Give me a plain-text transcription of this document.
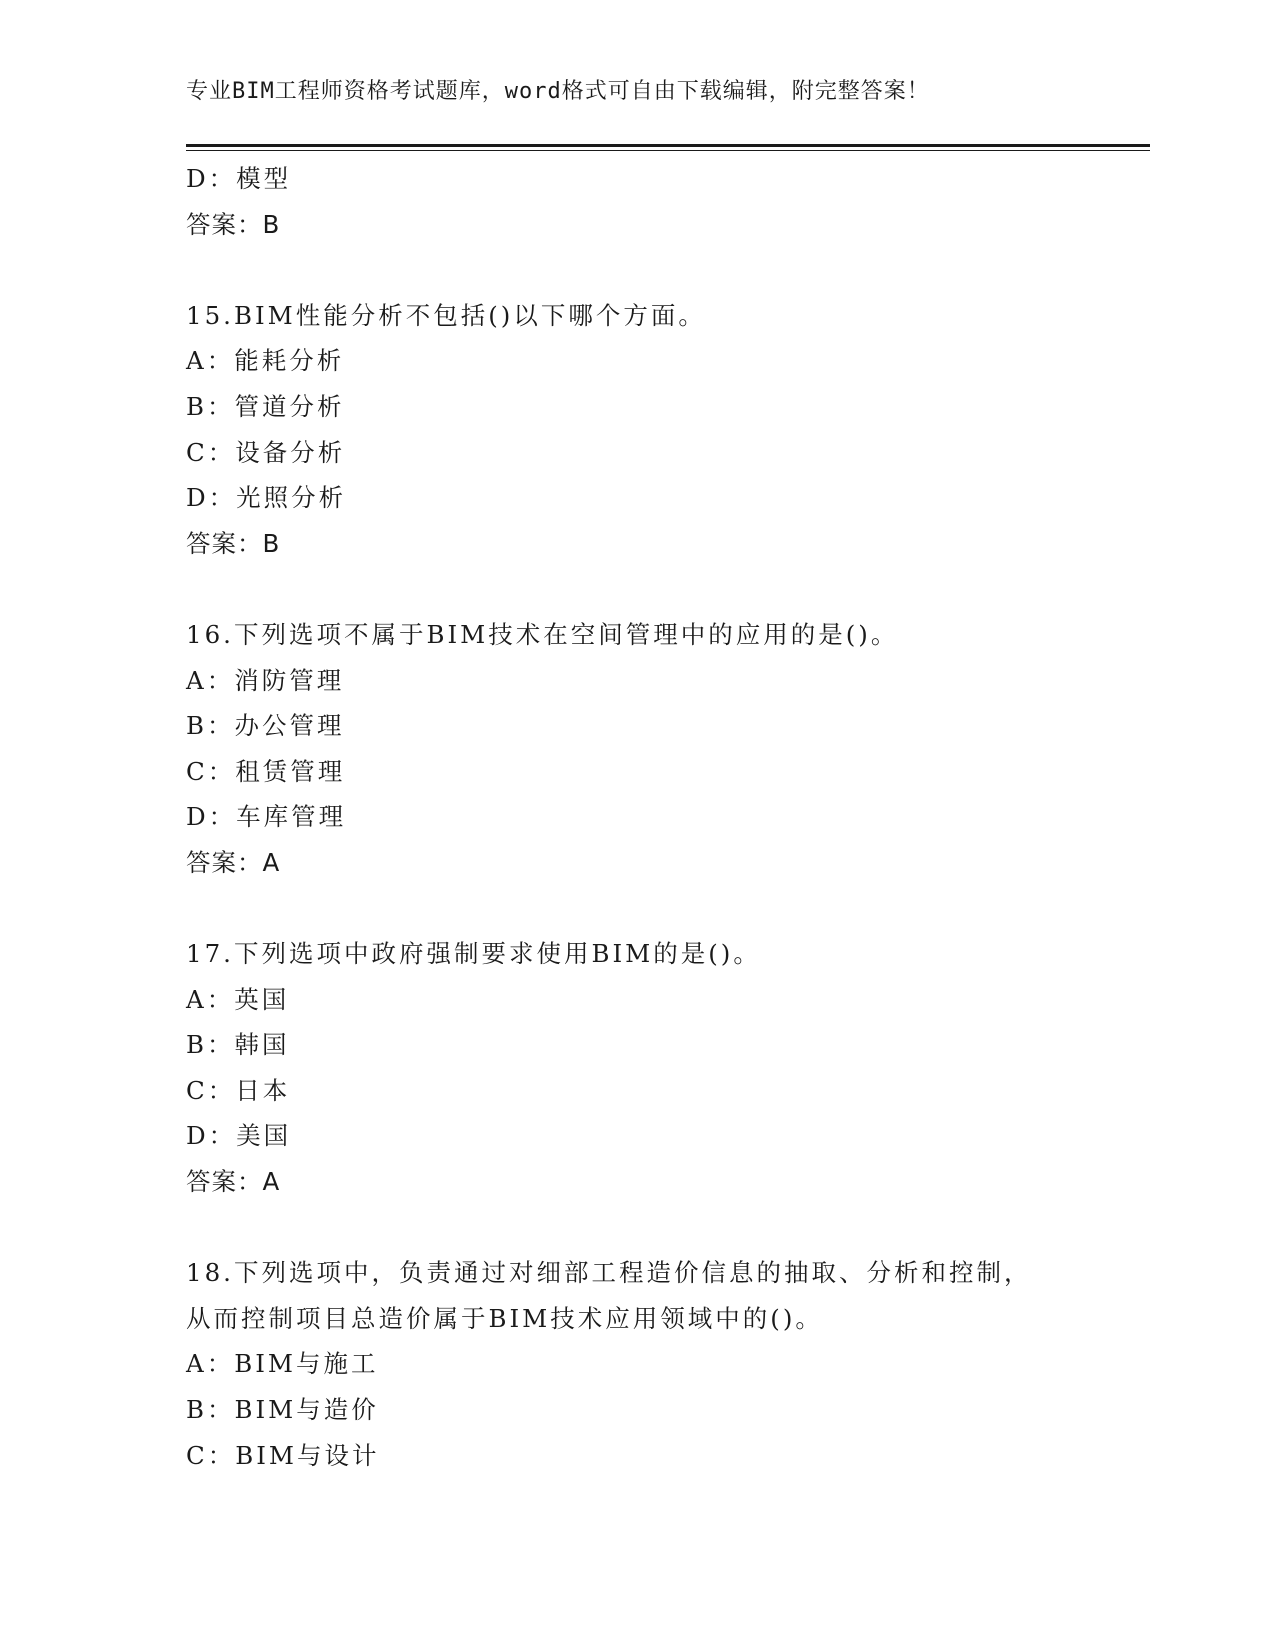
专业BIM工程师资格考试题库，word格式可自由下载编辑，附完整答案！
D：模型
答案：B
15.BIM性能分析不包括()以下哪个方面。
A：能耗分析
B：管道分析
C：设备分析
D：光照分析
答案：B
16.下列选项不属于BIM技术在空间管理中的应用的是()。
A：消防管理
B：办公管理
C：租赁管理
D：车库管理
答案：A
17.下列选项中政府强制要求使用BIM的是()。
A：英国
B：韩国
C：日本
D：美国
答案：A
18.下列选项中，负责通过对细部工程造价信息的抽取、分析和控制，
从而控制项目总造价属于BIM技术应用领域中的()。
A：BIM与施工
B：BIM与造价
C：BIM与设计
